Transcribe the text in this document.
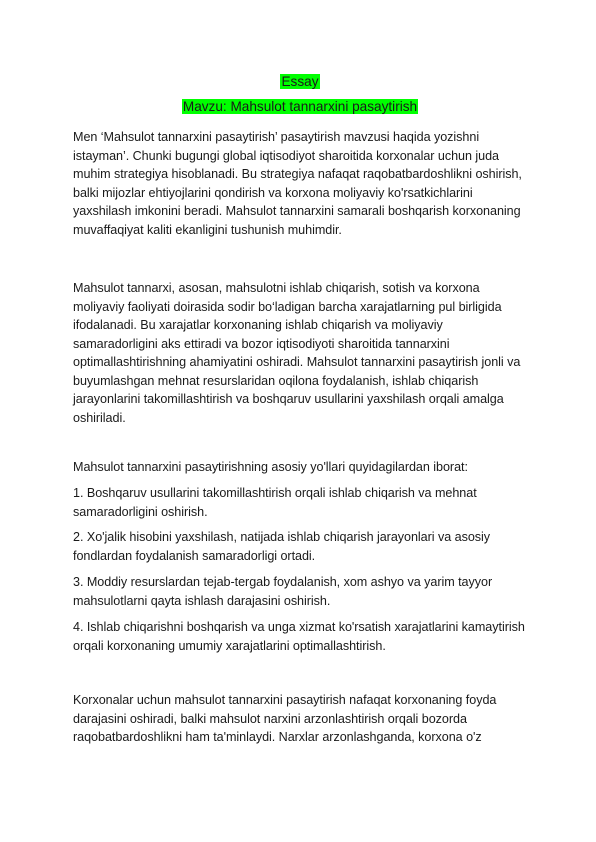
Essay
Mavzu: Mahsulot tannarxini pasaytirish

Men ‘Mahsulot tannarxini pasaytirish’ pasaytirish mavzusi haqida yozishni istayman’. Chunki bugungi global iqtisodiyot sharoitida korxonalar uchun juda muhim strategiya hisoblanadi. Bu strategiya nafaqat raqobatbardoshlikni oshirish, balki mijozlar ehtiyojlarini qondirish va korxona moliyaviy ko'rsatkichlarini yaxshilash imkonini beradi. Mahsulot tannarxini samarali boshqarish korxonaning muvaffaqiyat kaliti ekanligini tushunish muhimdir.

Mahsulot tannarxi, asosan, mahsulotni ishlab chiqarish, sotish va korxona moliyaviy faoliyati doirasida sodir bo‘ladigan barcha xarajatlarning pul birligida ifodalanadi. Bu xarajatlar korxonaning ishlab chiqarish va moliyaviy samaradorligini aks ettiradi va bozor iqtisodiyoti sharoitida tannarxini optimallashtirishning ahamiyatini oshiradi. Mahsulot tannarxini pasaytirish jonli va buyumlashgan mehnat resurslaridan oqilona foydalanish, ishlab chiqarish jarayonlarini takomillashtirish va boshqaruv usullarini yaxshilash orqali amalga oshiriladi.

Mahsulot tannarxini pasaytirishning asosiy yo'llari quyidagilardan iborat:

1. Boshqaruv usullarini takomillashtirish orqali ishlab chiqarish va mehnat samaradorligini oshirish.

2. Xo'jalik hisobini yaxshilash, natijada ishlab chiqarish jarayonlari va asosiy fondlardan foydalanish samaradorligi ortadi.

3. Moddiy resurslardan tejab-tergab foydalanish, xom ashyo va yarim tayyor mahsulotlarni qayta ishlash darajasini oshirish.

4. Ishlab chiqarishni boshqarish va unga xizmat ko'rsatish xarajatlarini kamaytirish orqali korxonaning umumiy xarajatlarini optimallashtirish.

Korxonalar uchun mahsulot tannarxini pasaytirish nafaqat korxonaning foyda darajasini oshiradi, balki mahsulot narxini arzonlashtirish orqali bozorda raqobatbardoshlikni ham ta'minlaydi. Narxlar arzonlashganda, korxona o'z
